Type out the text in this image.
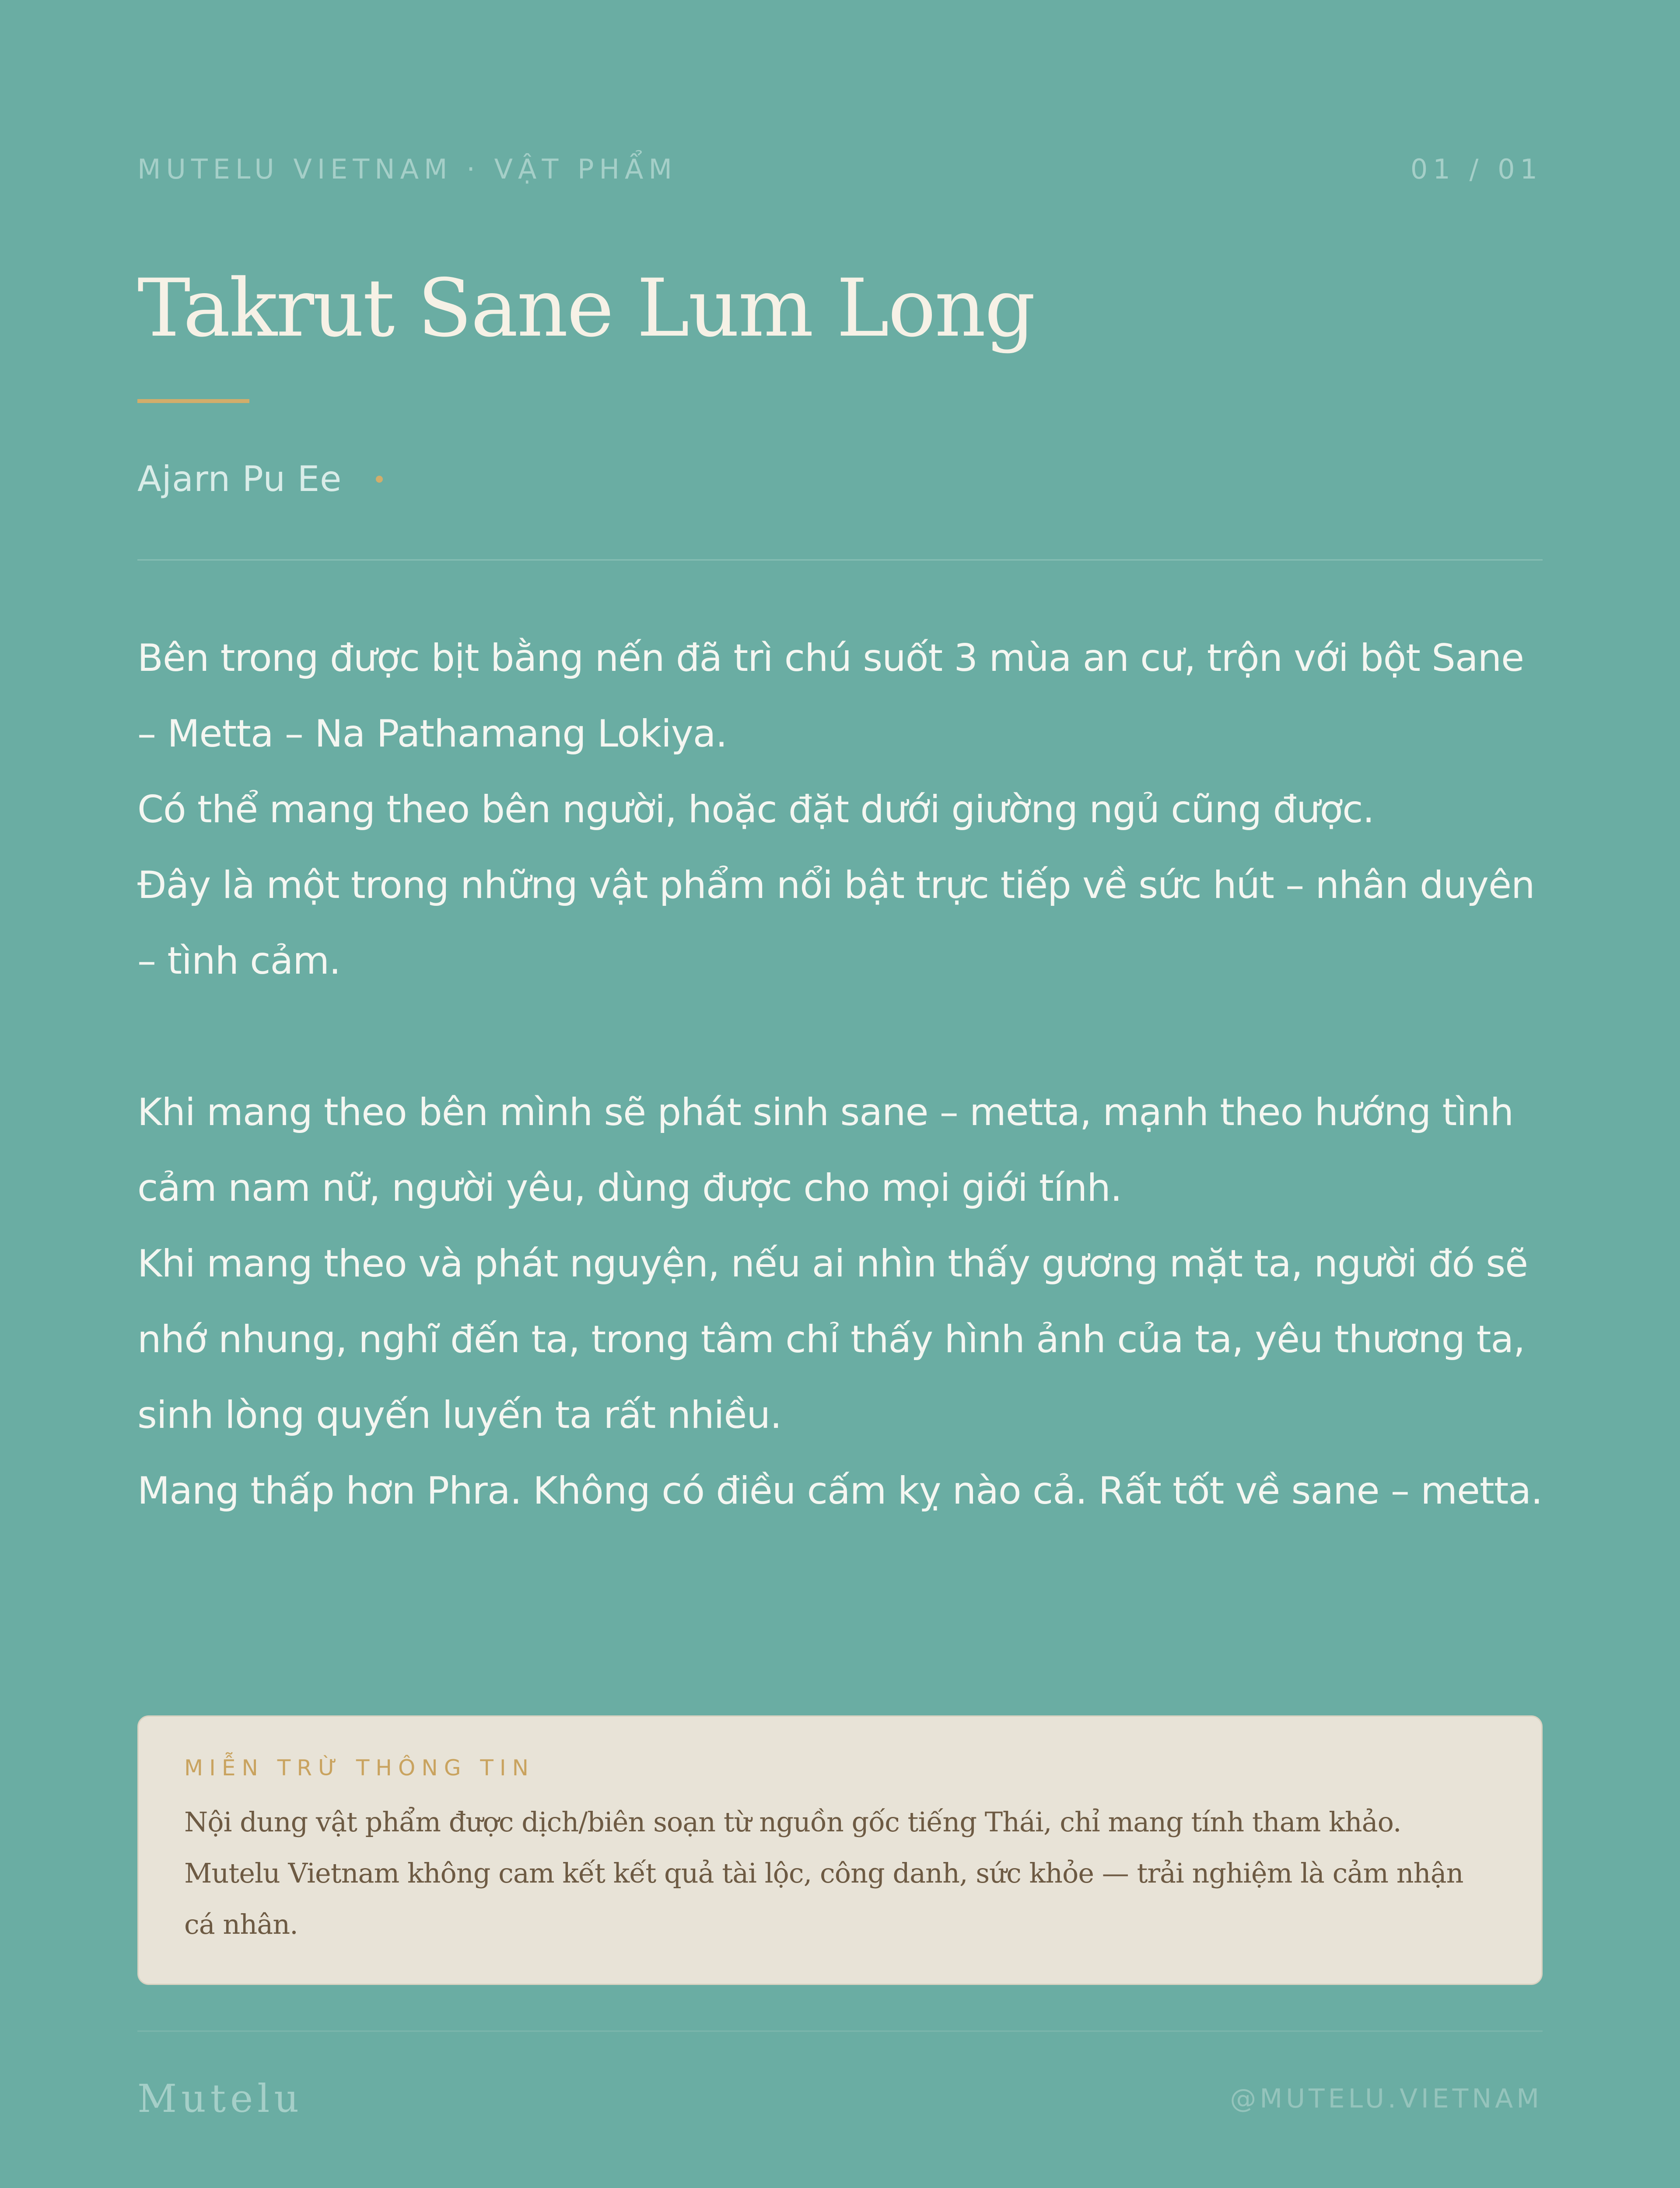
MUTELU VIETNAM · VẬT PHẨM	01 / 01
Takrut Sane Lum Long
Ajarn Pu Ee

Bên trong được bịt bằng nến đã trì chú suốt 3 mùa an cư, trộn với bột Sane – Metta – Na Pathamang Lokiya.

Có thể mang theo bên người, hoặc đặt dưới giường ngủ cũng được.

Đây là một trong những vật phẩm nổi bật trực tiếp về sức hút – nhân duyên – tình cảm.

Khi mang theo bên mình sẽ phát sinh sane – metta, mạnh theo hướng tình cảm nam nữ, người yêu, dùng được cho mọi giới tính.

Khi mang theo và phát nguyện, nếu ai nhìn thấy gương mặt ta, người đó sẽ nhớ nhung, nghĩ đến ta, trong tâm chỉ thấy hình ảnh của ta, yêu thương ta, sinh lòng quyến luyến ta rất nhiều.

Mang thấp hơn Phra. Không có điều cấm kỵ nào cả. Rất tốt về sane – metta.

MIỄN TRỪ THÔNG TIN

Nội dung vật phẩm được dịch/biên soạn từ nguồn gốc tiếng Thái, chỉ mang tính tham khảo. Mutelu Vietnam không cam kết kết quả tài lộc, công danh, sức khỏe — trải nghiệm là cảm nhận cá nhân.

Mutelu	@MUTELU.VIETNAM
